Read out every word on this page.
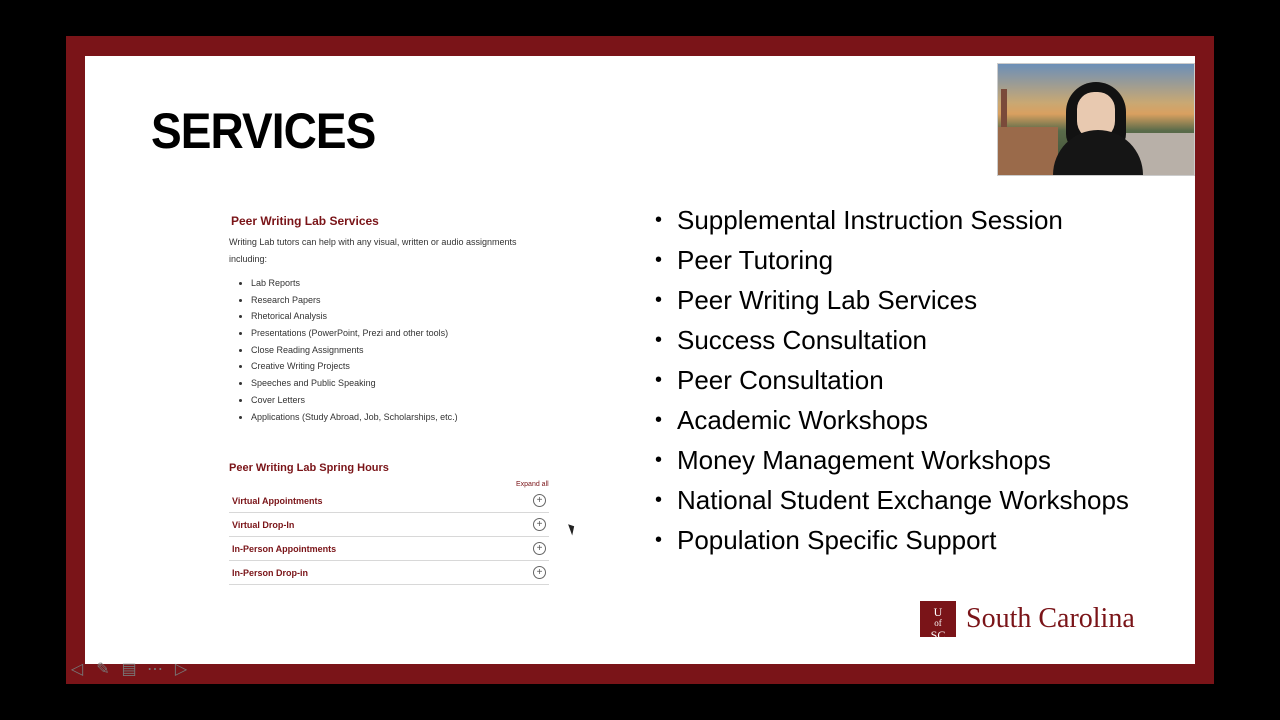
SERVICES
Peer Writing Lab Services
Writing Lab tutors can help with any visual, written or audio assignments including:
• Lab Reports
• Research Papers
• Rhetorical Analysis
• Presentations (PowerPoint, Prezi and other tools)
• Close Reading Assignments
• Creative Writing Projects
• Speeches and Public Speaking
• Cover Letters
• Applications (Study Abroad, Job, Scholarships, etc.)
Peer Writing Lab Spring Hours
Expand all
Virtual Appointments	+
Virtual Drop-In	+
In-Person Appointments	+
In-Person Drop-in	+
• Supplemental Instruction Session
• Peer Tutoring
• Peer Writing Lab Services
• Success Consultation
• Peer Consultation
• Academic Workshops
• Money Management Workshops
• National Student Exchange Workshops
• Population Specific Support
U
of
SC
South Carolina
◁ ✎ ▤ ⋯ ▷
